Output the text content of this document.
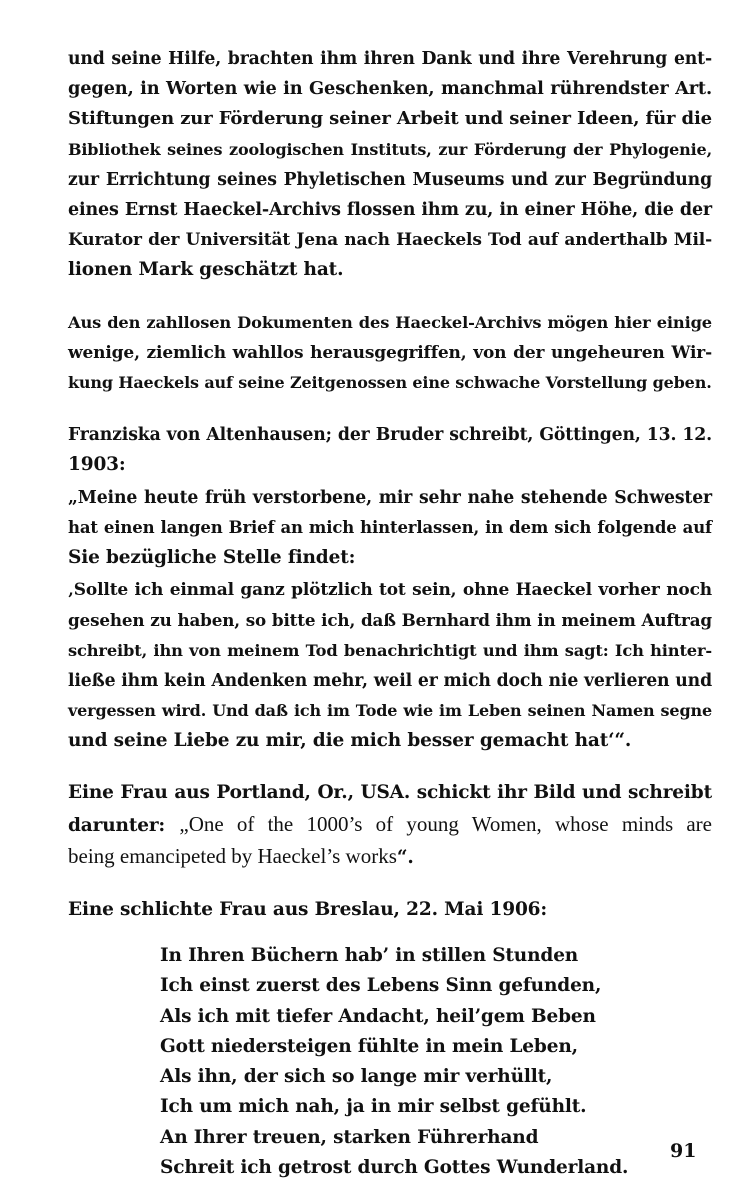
und seine Hilfe, brachten ihm ihren Dank und ihre Verehrung ent-
gegen, in Worten wie in Geschenken, manchmal rührendster Art.
Stiftungen zur Förderung seiner Arbeit und seiner Ideen, für die
Bibliothek seines zoologischen Instituts, zur Förderung der Phylogenie,
zur Errichtung seines Phyletischen Museums und zur Begründung
eines Ernst Haeckel-Archivs flossen ihm zu, in einer Höhe, die der
Kurator der Universität Jena nach Haeckels Tod auf anderthalb Mil-
lionen Mark geschätzt hat.

Aus den zahllosen Dokumenten des Haeckel-Archivs mögen hier einige
wenige, ziemlich wahllos herausgegriffen, von der ungeheuren Wir-
kung Haeckels auf seine Zeitgenossen eine schwache Vorstellung geben.

Franziska von Altenhausen; der Bruder schreibt, Göttingen, 13. 12.
1903:

„Meine heute früh verstorbene, mir sehr nahe stehende Schwester
hat einen langen Brief an mich hinterlassen, in dem sich folgende auf
Sie bezügliche Stelle findet:

‚Sollte ich einmal ganz plötzlich tot sein, ohne Haeckel vorher noch
gesehen zu haben, so bitte ich, daß Bernhard ihm in meinem Auftrag
schreibt, ihn von meinem Tod benachrichtigt und ihm sagt: Ich hinter-
ließe ihm kein Andenken mehr, weil er mich doch nie verlieren und
vergessen wird. Und daß ich im Tode wie im Leben seinen Namen segne
und seine Liebe zu mir, die mich besser gemacht hat‘“.

Eine Frau aus Portland, Or., USA. schickt ihr Bild und schreibt
darunter: „One of the 1000’s of young Women, whose minds are
being emancipeted by Haeckel’s works“.

Eine schlichte Frau aus Breslau, 22. Mai 1906:

In Ihren Büchern hab’ in stillen Stunden
Ich einst zuerst des Lebens Sinn gefunden,
Als ich mit tiefer Andacht, heil’gem Beben
Gott niedersteigen fühlte in mein Leben,
Als ihn, der sich so lange mir verhüllt,
Ich um mich nah, ja in mir selbst gefühlt.
An Ihrer treuen, starken Führerhand
Schreit ich getrost durch Gottes Wunderland.
91
